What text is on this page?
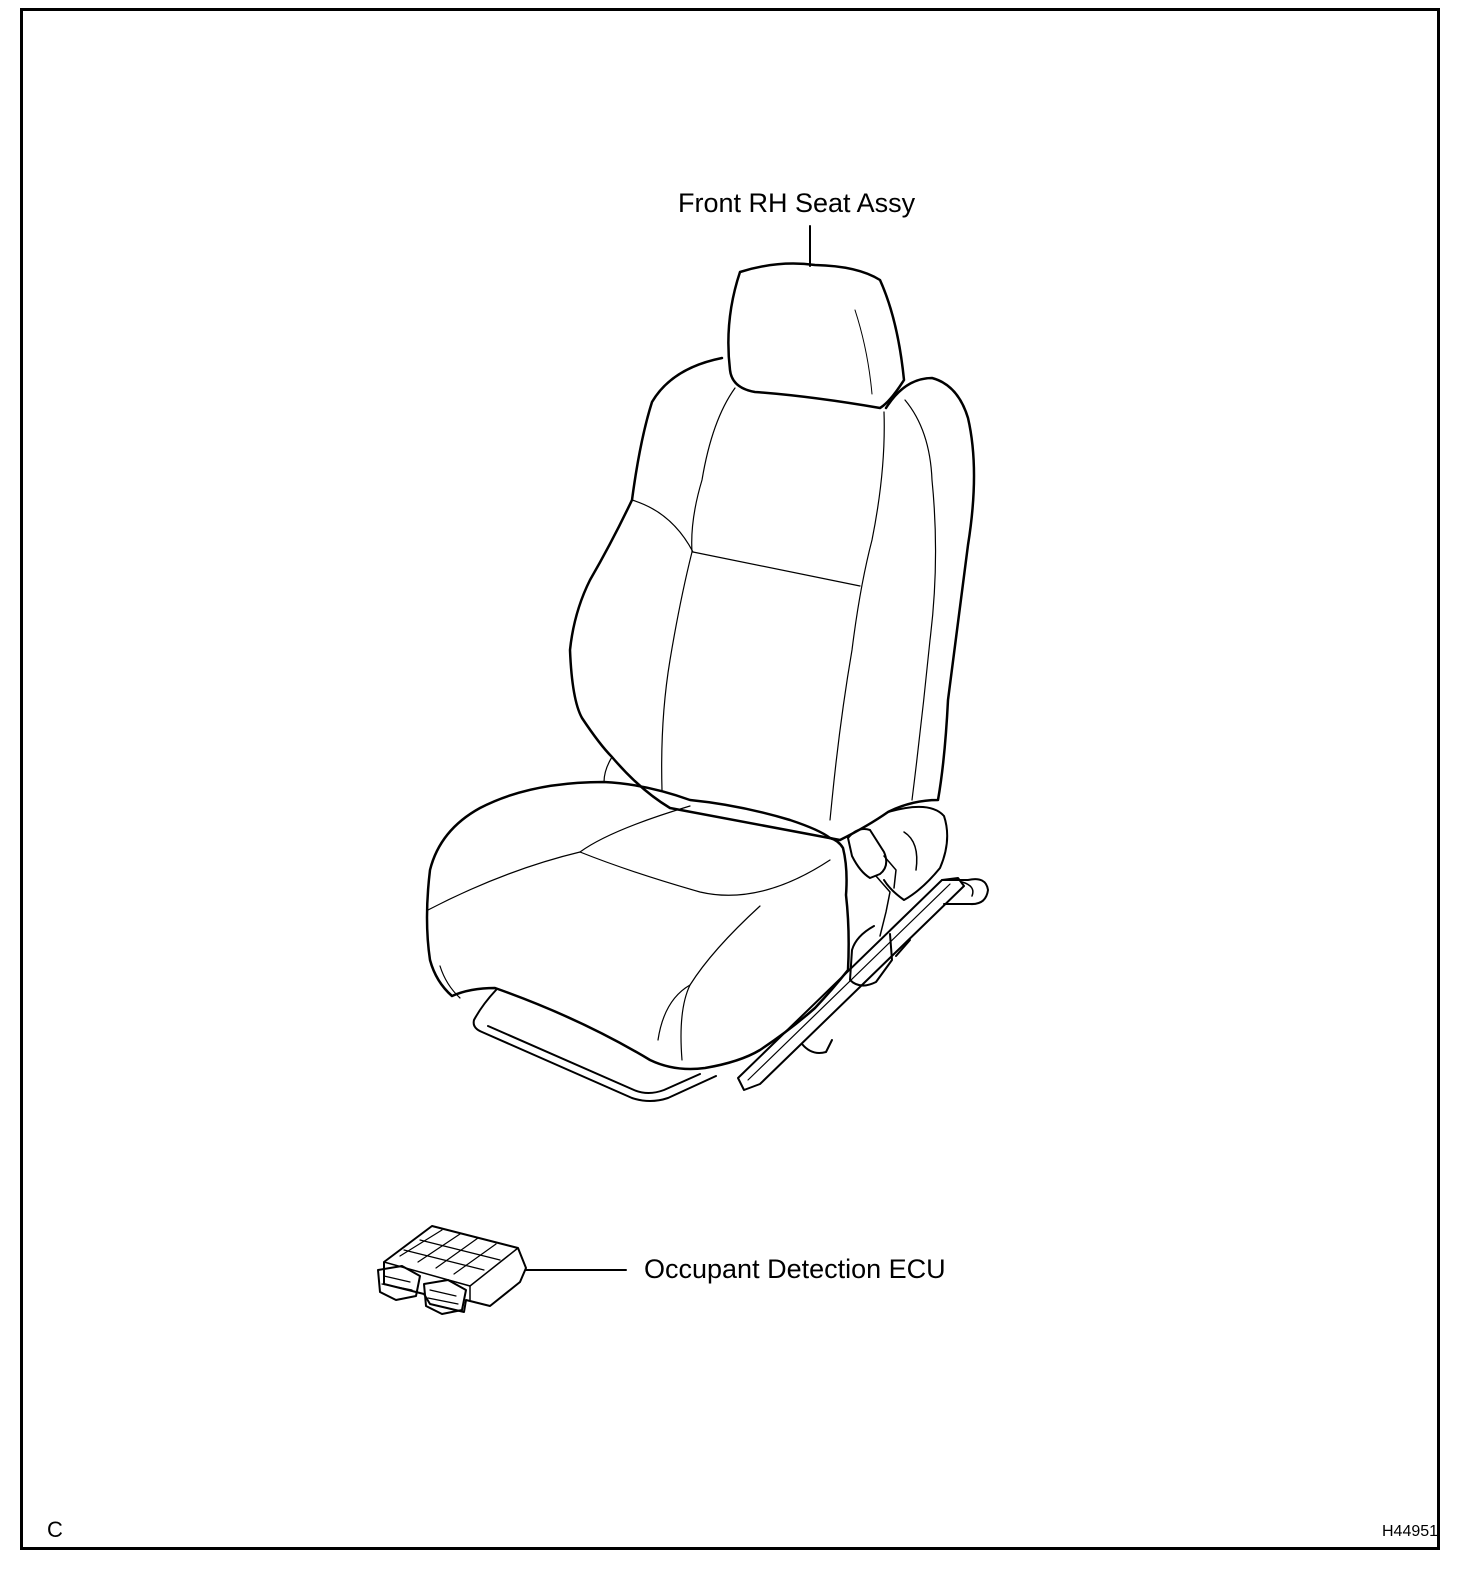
Front RH Seat Assy
Occupant Detection ECU
C	H44951
